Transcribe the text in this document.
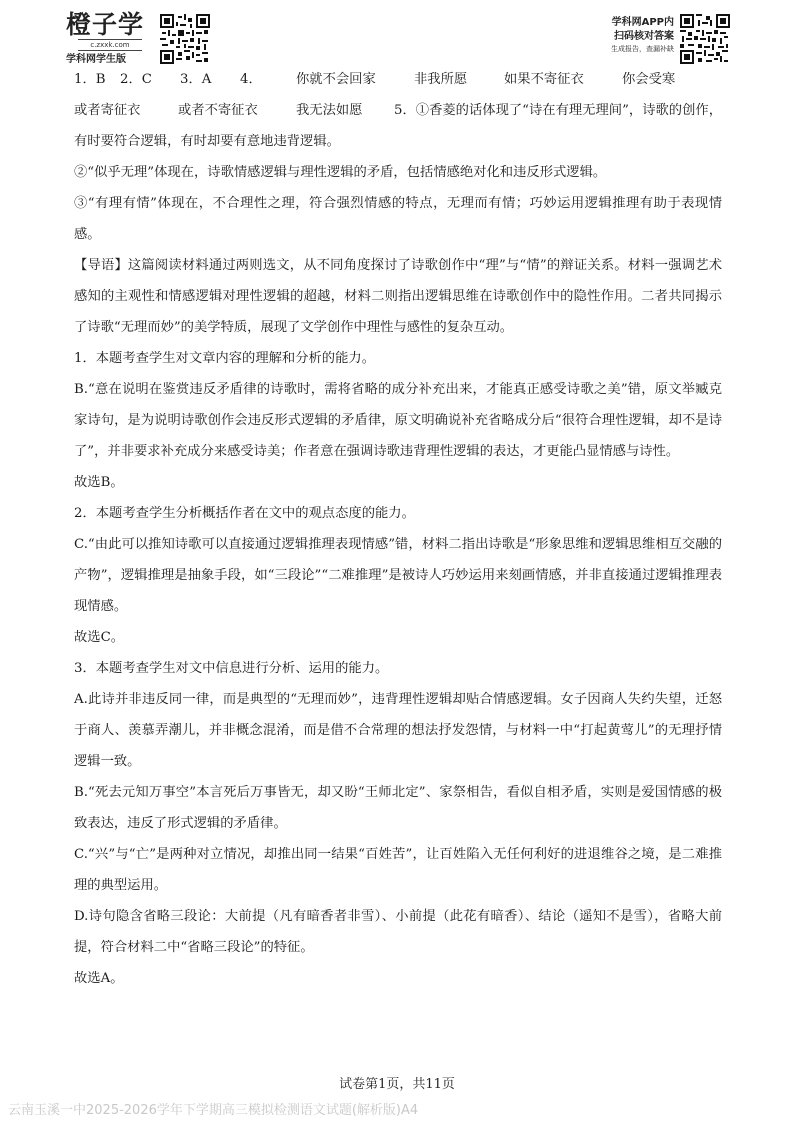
橙子学
c.zxxk.com
学科网学生版
学科网APP内
扫码核对答案
生成报告，查漏补缺

1．B 2．C 3．A 4．	你就不会回家	非我所愿	如果不寄征衣	你会受寒

或者寄征衣	或者不寄征衣	我无法如愿 5．①香菱的话体现了“诗在有理无理间”，诗歌的创作，有时要符合逻辑，有时却要有意地违背逻辑。

②“似乎无理”体现在，诗歌情感逻辑与理性逻辑的矛盾，包括情感绝对化和违反形式逻辑。

③“有理有情”体现在，不合理性之理，符合强烈情感的特点，无理而有情；巧妙运用逻辑推理有助于表现情感。

【导语】这篇阅读材料通过两则选文，从不同角度探讨了诗歌创作中“理”与“情”的辩证关系。材料一强调艺术感知的主观性和情感逻辑对理性逻辑的超越，材料二则指出逻辑思维在诗歌创作中的隐性作用。二者共同揭示了诗歌“无理而妙”的美学特质，展现了文学创作中理性与感性的复杂互动。

1．本题考查学生对文章内容的理解和分析的能力。

B.“意在说明在鉴赏违反矛盾律的诗歌时，需将省略的成分补充出来，才能真正感受诗歌之美”错，原文举臧克家诗句，是为说明诗歌创作会违反形式逻辑的矛盾律，原文明确说补充省略成分后“很符合理性逻辑，却不是诗了”，并非要求补充成分来感受诗美；作者意在强调诗歌违背理性逻辑的表达，才更能凸显情感与诗性。

故选B。

2．本题考查学生分析概括作者在文中的观点态度的能力。

C.“由此可以推知诗歌可以直接通过逻辑推理表现情感”错，材料二指出诗歌是“形象思维和逻辑思维相互交融的产物”，逻辑推理是抽象手段，如“三段论”“二难推理”是被诗人巧妙运用来刻画情感，并非直接通过逻辑推理表现情感。

故选C。

3．本题考查学生对文中信息进行分析、运用的能力。

A.此诗并非违反同一律，而是典型的“无理而妙”，违背理性逻辑却贴合情感逻辑。女子因商人失约失望，迁怒于商人、羡慕弄潮儿，并非概念混淆，而是借不合常理的想法抒发怨情，与材料一中“打起黄莺儿”的无理抒情逻辑一致。

B.“死去元知万事空”本言死后万事皆无，却又盼“王师北定”、家祭相告，看似自相矛盾，实则是爱国情感的极致表达，违反了形式逻辑的矛盾律。

C.“兴”与“亡”是两种对立情况，却推出同一结果“百姓苦”，让百姓陷入无任何利好的进退维谷之境，是二难推理的典型运用。

D.诗句隐含省略三段论：大前提（凡有暗香者非雪）、小前提（此花有暗香）、结论（遥知不是雪），省略大前提，符合材料二中“省略三段论”的特征。

故选A。

试卷第1页，共11页
云南玉溪一中2025-2026学年下学期高三模拟检测语文试题(解析版)A4
